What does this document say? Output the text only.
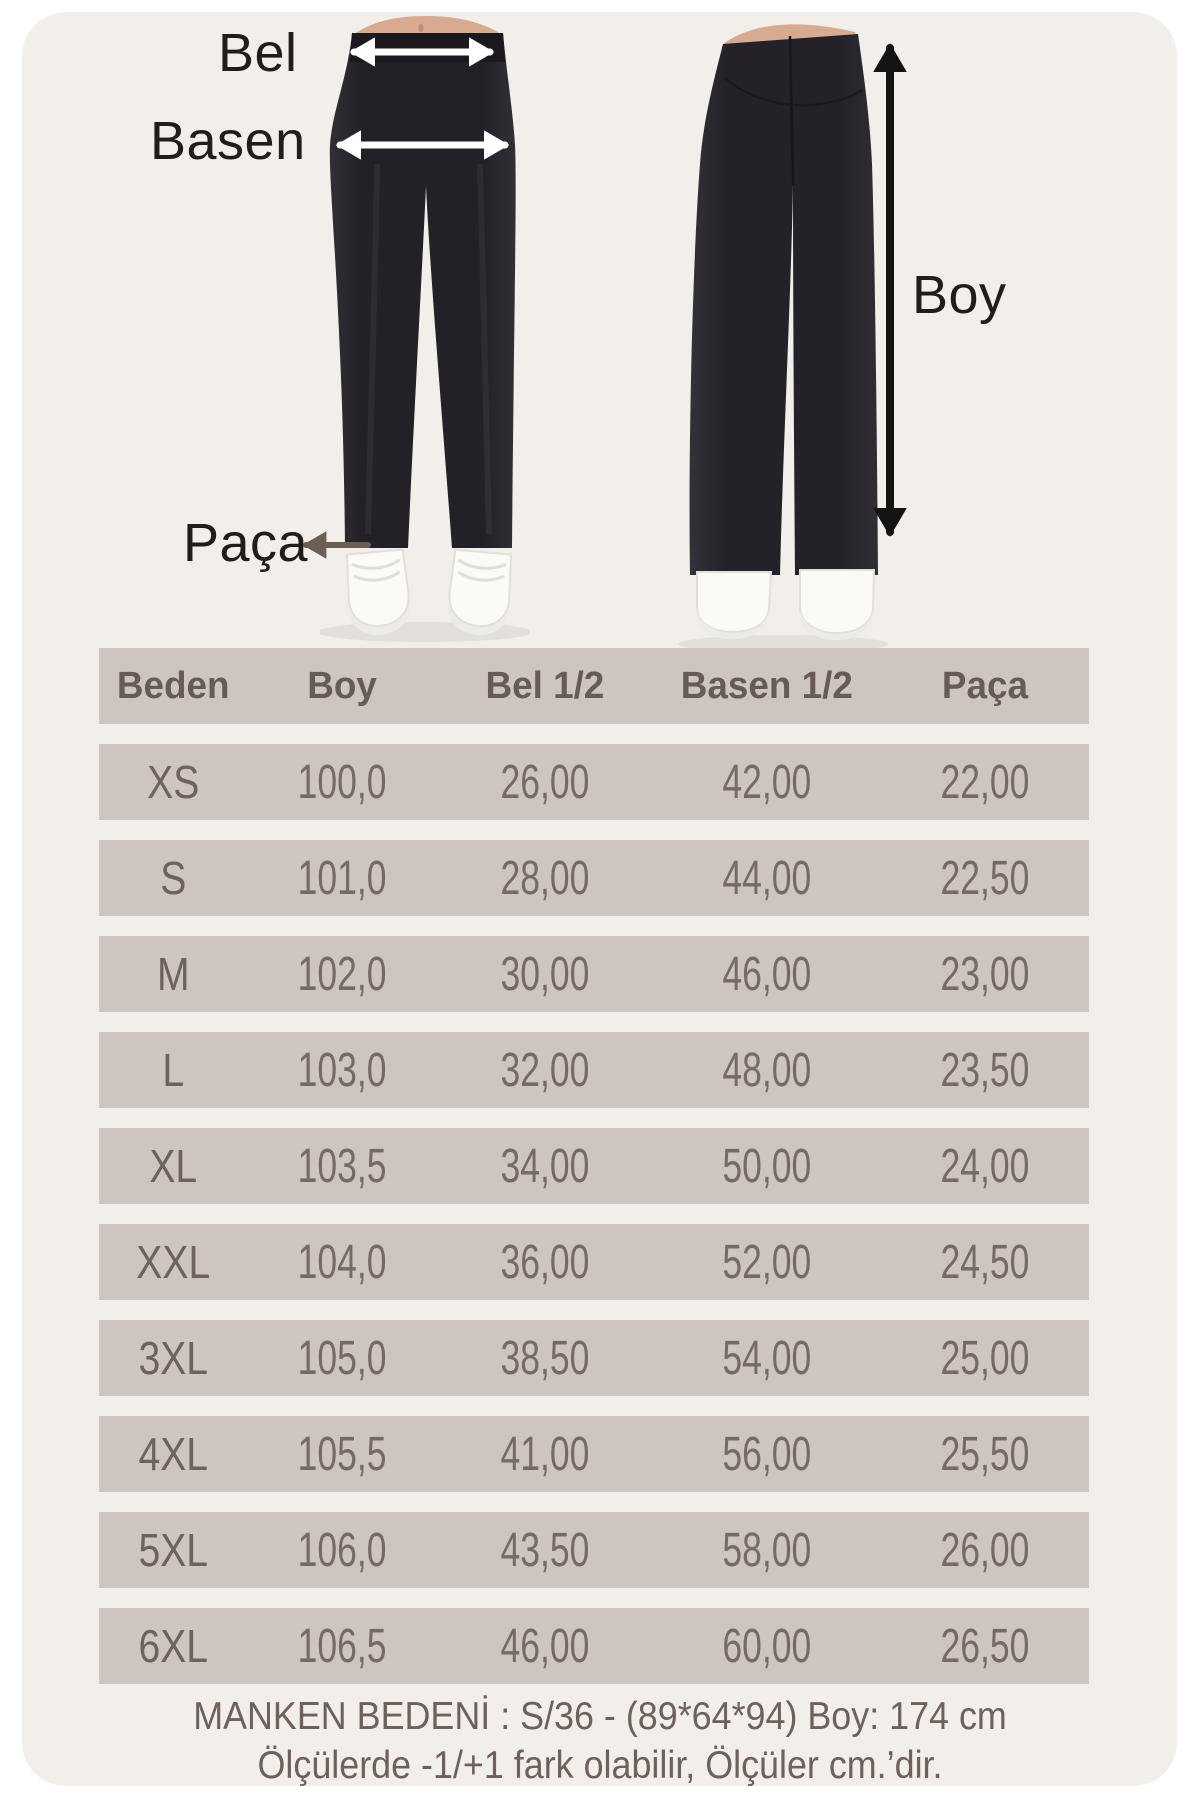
Bel
Basen
Paça
Boy
Beden	Boy	Bel 1/2	Basen 1/2	Paça
XS	100,0	26,00	42,00	22,00
S	101,0	28,00	44,00	22,50
M	102,0	30,00	46,00	23,00
L	103,0	32,00	48,00	23,50
XL	103,5	34,00	50,00	24,00
XXL	104,0	36,00	52,00	24,50
3XL	105,0	38,50	54,00	25,00
4XL	105,5	41,00	56,00	25,50
5XL	106,0	43,50	58,00	26,00
6XL	106,5	46,00	60,00	26,50
MANKEN BEDENİ : S/36 - (89*64*94) Boy: 174 cm
Ölçülerde -1/+1 fark olabilir, Ölçüler cm.’dir.
